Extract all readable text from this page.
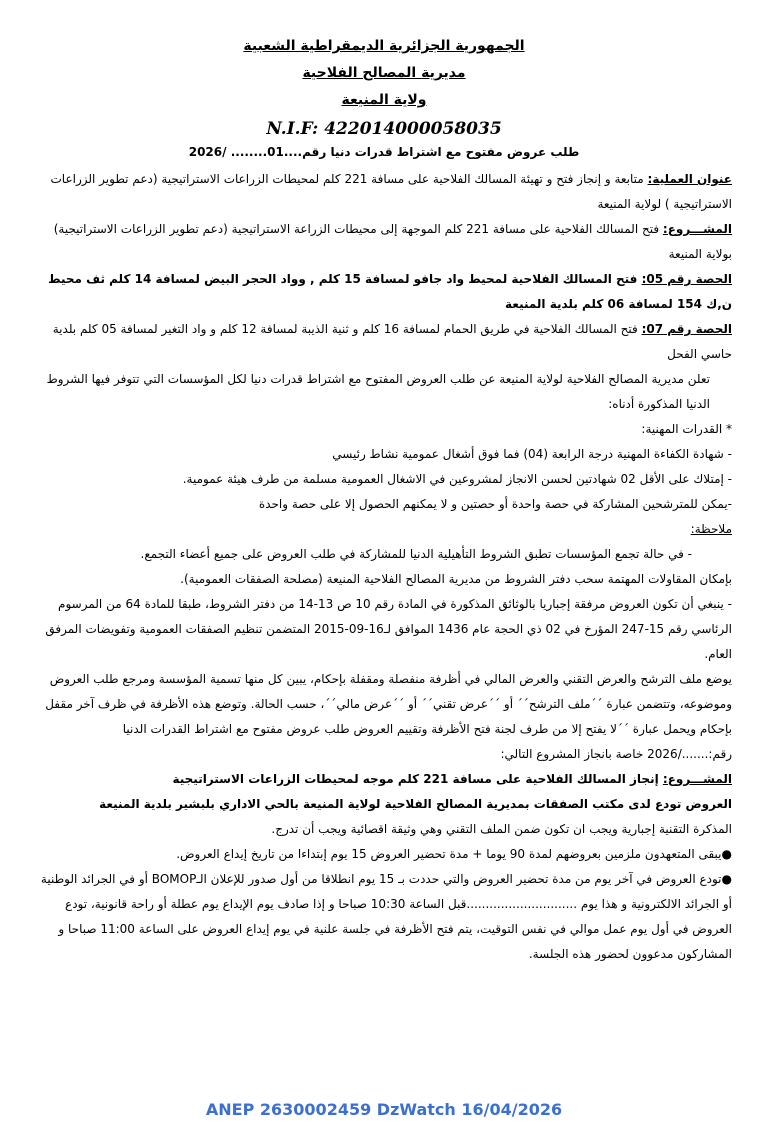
الجمهورية الجزائرية الديمقراطية الشعبية

مديرية المصالح الفلاحية

ولاية المنيعة

N.I.F: 422014000058035

طلب عروض مفتوح مع اشتراط قدرات دنيا رقم....01........ /2026

عنوان العملية: متابعة و إنجاز فتح و تهيئة المسالك الفلاحية على مسافة 221 كلم لمحيطات الزراعات الاستراتيجية (دعم تطوير الزراعات الاستراتيجية ) لولاية المنيعة

المشـــروع: فتح المسالك الفلاحية على مسافة 221 كلم الموجهة إلى محيطات الزراعة الاستراتيجية (دعم تطوير الزراعات الاستراتيجية) بولاية المنيعة

الحصة رقم 05: فتح المسالك الفلاحية لمحيط واد جافو لمسافة 15 كلم , وواد الحجر البيض لمسافة 14 كلم ثف محيط ن,ك 154 لمسافة 06 كلم بلدية المنيعة

الحصة رقم 07: فتح المسالك الفلاحية في طريق الحمام لمسافة 16 كلم و ثنية الذيبة لمسافة 12 كلم و واد التغير لمسافة 05 كلم بلدية حاسي الفحل

تعلن مديرية المصالح الفلاحية لولاية المنيعة عن طلب العروض المفتوح مع اشتراط قدرات دنيا لكل المؤسسات التي تتوفر فيها الشروط الدنيا المذكورة أدناه:

* القدرات المهنية:

- شهادة الكفاءة المهنية درجة الرابعة (04) فما فوق أشغال عمومية نشاط رئيسي

- إمتلاك على الأقل 02 شهادتين لحسن الانجاز لمشروعين في الاشغال العمومية مسلمة من طرف هيئة عمومية.

-يمكن للمترشحين المشاركة في حصة واحدة أو حصتين و لا يمكنهم الحصول إلا على حصة واحدة

ملاحظة:

- في حالة تجمع المؤسسات تطبق الشروط التأهيلية الدنيا للمشاركة في طلب العروض على جميع أعضاء التجمع.

بإمكان المقاولات المهتمة سحب دفتر الشروط من مديرية المصالح الفلاحية المنيعة (مصلحة الصفقات العمومية).

- ينبغي أن تكون العروض مرفقة إجباريا بالوثائق المذكورة في المادة رقم 10 ص 13-14 من دفتر الشروط، طبقا للمادة 64 من المرسوم الرئاسي رقم 15-247 المؤرخ في 02 ذي الحجة عام 1436 الموافق لـ16-09-2015 المتضمن تنظيم الصفقات العمومية وتفويضات المرفق العام.

يوضع ملف الترشح والعرض التقني والعرض المالي في أظرفة منفصلة ومقفلة بإحكام، يبين كل منها تسمية المؤسسة ومرجع طلب العروض وموضوعه، وتتضمن عبارة ´´ملف الترشح´´ أو ´´عرض تقني´´ أو ´´عرض مالي´´، حسب الحالة. وتوضع هذه الأظرفة في ظرف آخر مقفل بإحكام ويحمل عبارة ´´لا يفتح إلا من طرف لجنة فتح الأظرفة وتقييم العروض طلب عروض مفتوح مع اشتراط القدرات الدنيا رقم:......./2026 خاصة بانجاز المشروع التالي:

المشـــروع: إنجاز المسالك الفلاحية على مسافة 221 كلم موجه لمحيطات الزراعات الاستراتيجية

العروض تودع لدى مكتب الصفقات بمديرية المصالح الفلاحية لولاية المنيعة بالحي الاداري بلبشير بلدية المنيعة

المذكرة التقنية إجبارية ويجب ان تكون ضمن الملف التقني وهي وثيقة اقصائية ويجب أن تدرج.

●يبقى المتعهدون ملزمين بعروضهم لمدة 90 يوما + مدة تحضير العروض 15 يوم إبتداءا من تاريخ إيداع العروض.

●تودع العروض في آخر يوم من مدة تحضير العروض والتي حددت بـ 15 يوم انطلاقا من أول صدور للإعلان الـBOMOP أو في الجرائد الوطنية أو الجرائد الالكترونية و هذا يوم .............................قبل الساعة 10:30 صباحا و إذا صادف يوم الإيداع يوم عطلة أو راحة قانونية، تودع العروض في أول يوم عمل موالي في نفس التوقيت، يتم فتح الأظرفة في جلسة علنية في يوم إيداع العروض على الساعة 11:00 صباحا و المشاركون مدعوون لحضور هذه الجلسة.

ANEP 2630002459 DzWatch 16/04/2026
